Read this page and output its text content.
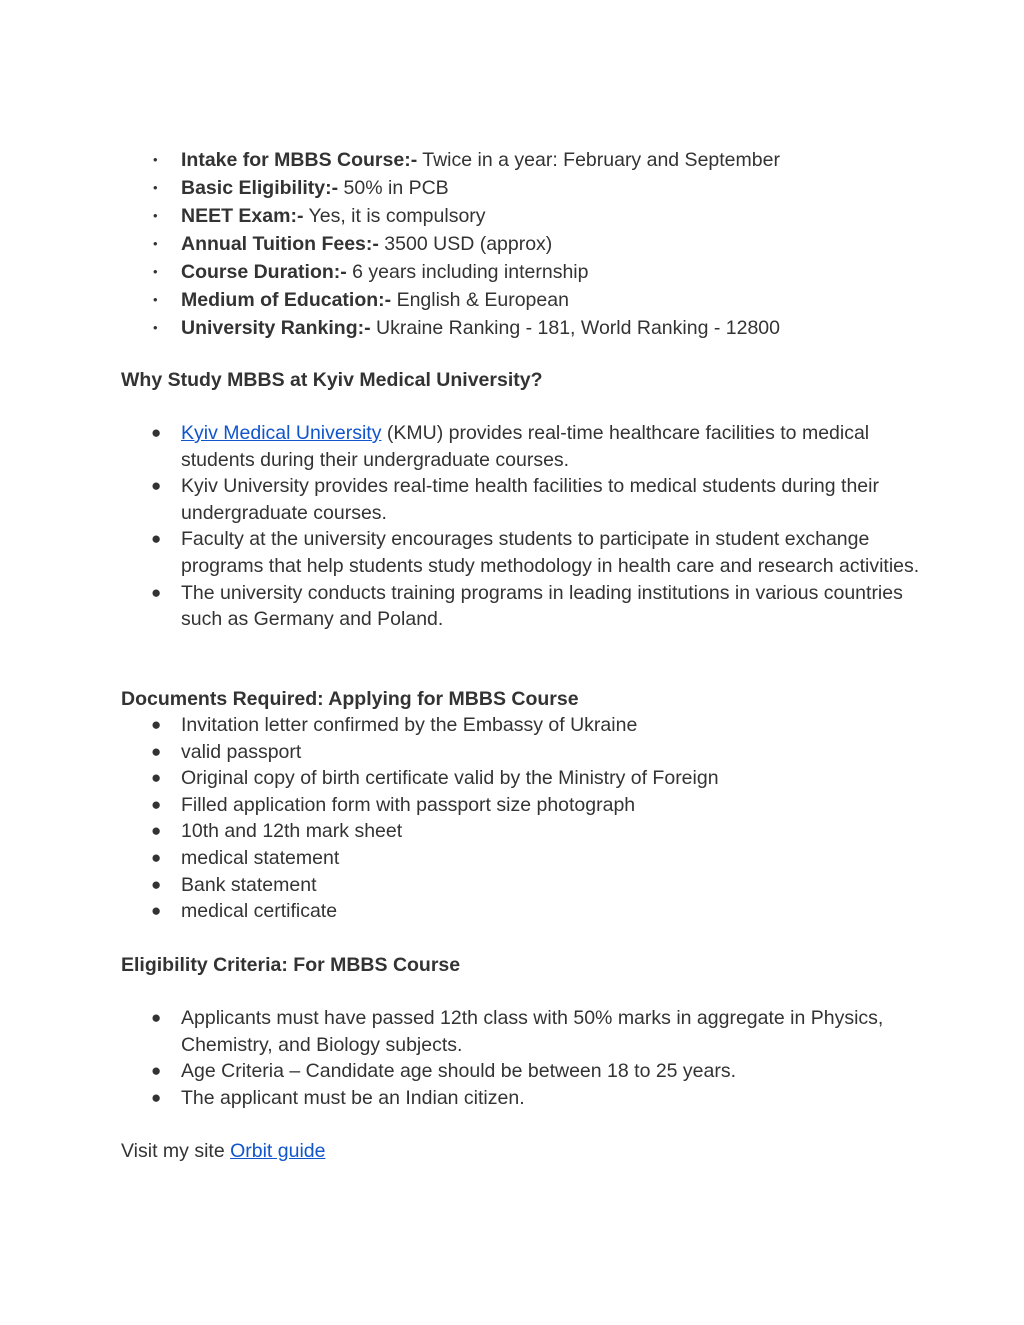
•	Intake for MBBS Course:- Twice in a year: February and September
•	Basic Eligibility:- 50% in PCB
•	NEET Exam:- Yes, it is compulsory
•	Annual Tuition Fees:- 3500 USD (approx)
•	Course Duration:- 6 years including internship
•	Medium of Education:- English & European
•	University Ranking:- Ukraine Ranking - 181, World Ranking - 12800

Why Study MBBS at Kyiv Medical University?

●	Kyiv Medical University (KMU) provides real-time healthcare facilities to medical students during their undergraduate courses.
●	Kyiv University provides real-time health facilities to medical students during their undergraduate courses.
●	Faculty at the university encourages students to participate in student exchange programs that help students study methodology in health care and research activities.
●	The university conducts training programs in leading institutions in various countries such as Germany and Poland.

Documents Required: Applying for MBBS Course

●	Invitation letter confirmed by the Embassy of Ukraine
●	valid passport
●	Original copy of birth certificate valid by the Ministry of Foreign
●	Filled application form with passport size photograph
●	10th and 12th mark sheet
●	medical statement
●	Bank statement
●	medical certificate

Eligibility Criteria: For MBBS Course

●	Applicants must have passed 12th class with 50% marks in aggregate in Physics, Chemistry, and Biology subjects.
●	Age Criteria – Candidate age should be between 18 to 25 years.
●	The applicant must be an Indian citizen.
Visit my site Orbit guide
